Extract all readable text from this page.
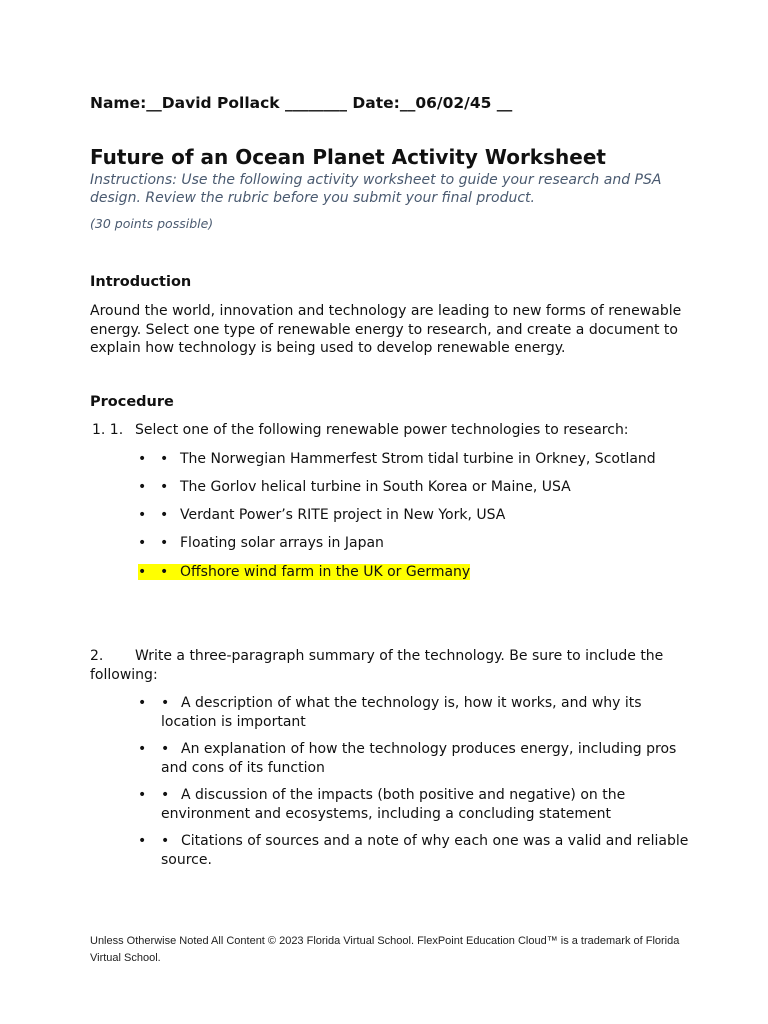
Name:__David Pollack ________ Date:__06/02/45 __
Future of an Ocean Planet Activity Worksheet
Instructions: Use the following activity worksheet to guide your research and PSA design. Review the rubric before you submit your final product.
(30 points possible)
Introduction
Around the world, innovation and technology are leading to new forms of renewable energy. Select one type of renewable energy to research, and create a document to explain how technology is being used to develop renewable energy.
Procedure
1. 1. Select one of the following renewable power technologies to research:
• • The Norwegian Hammerfest Strom tidal turbine in Orkney, Scotland
• • The Gorlov helical turbine in South Korea or Maine, USA
• • Verdant Power’s RITE project in New York, USA
• • Floating solar arrays in Japan
• • Offshore wind farm in the UK or Germany
2. Write a three-paragraph summary of the technology. Be sure to include the following:
•	• A description of what the technology is, how it works, and why its location is important
•	• An explanation of how the technology produces energy, including pros and cons of its function
•	• A discussion of the impacts (both positive and negative) on the environment and ecosystems, including a concluding statement
•	• Citations of sources and a note of why each one was a valid and reliable source.
Unless Otherwise Noted All Content © 2023 Florida Virtual School. FlexPoint Education Cloud™ is a trademark of Florida Virtual School.
